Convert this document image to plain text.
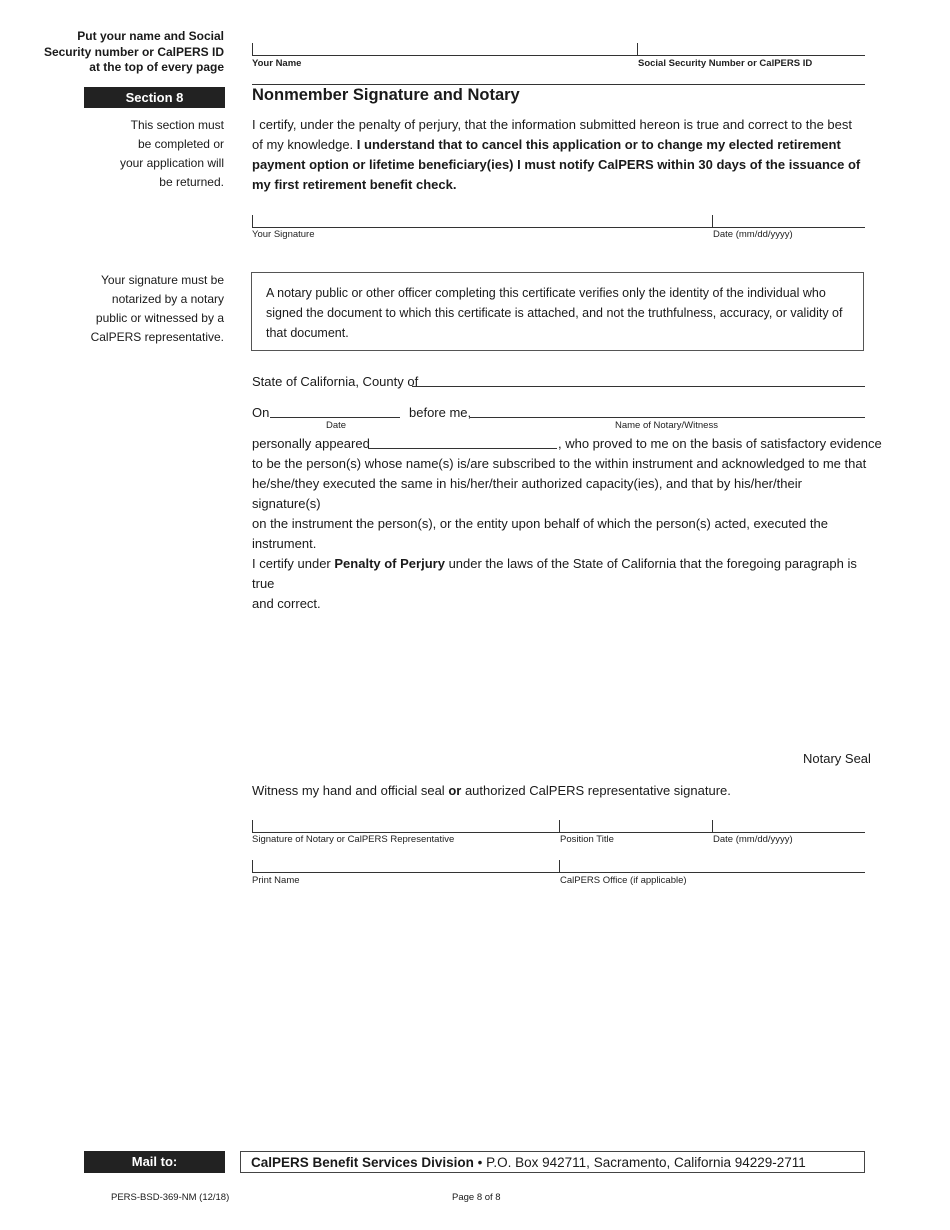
Put your name and Social
Security number or CalPERS ID
at the top of every page	Your Name	Social Security Number or CalPERS ID
Section 8	Nonmember Signature and Notary
This section must
be completed or
your application will
be returned.
I certify, under the penalty of perjury, that the information submitted hereon is true and correct to the best of my knowledge. I understand that to cancel this application or to change my elected retirement payment option or lifetime beneficiary(ies) I must notify CalPERS within 30 days of the issuance of my first retirement benefit check.
Your Signature	Date (mm/dd/yyyy)
Your signature must be
notarized by a notary
public or witnessed by a
CalPERS representative.
A notary public or other officer completing this certificate verifies only the identity of the individual who signed the document to which this certificate is attached, and not the truthfulness, accuracy, or validity of that document.
State of California, County of
On	before me,
Date	Name of Notary/Witness
personally appeared	, who proved to me on the basis of satisfactory evidence
to be the person(s) whose name(s) is/are subscribed to the within instrument and acknowledged to me that
he/she/they executed the same in his/her/their authorized capacity(ies), and that by his/her/their signature(s)
on the instrument the person(s), or the entity upon behalf of which the person(s) acted, executed the instrument.
I certify under Penalty of Perjury under the laws of the State of California that the foregoing paragraph is true
and correct.
Notary Seal
Witness my hand and official seal or authorized CalPERS representative signature.
Signature of Notary or CalPERS Representative	Position Title	Date (mm/dd/yyyy)
Print Name	CalPERS Office (if applicable)
Mail to:	CalPERS Benefit Services Division • P.O. Box 942711, Sacramento, California 94229-2711
PERS-BSD-369-NM (12/18)	Page 8 of 8
